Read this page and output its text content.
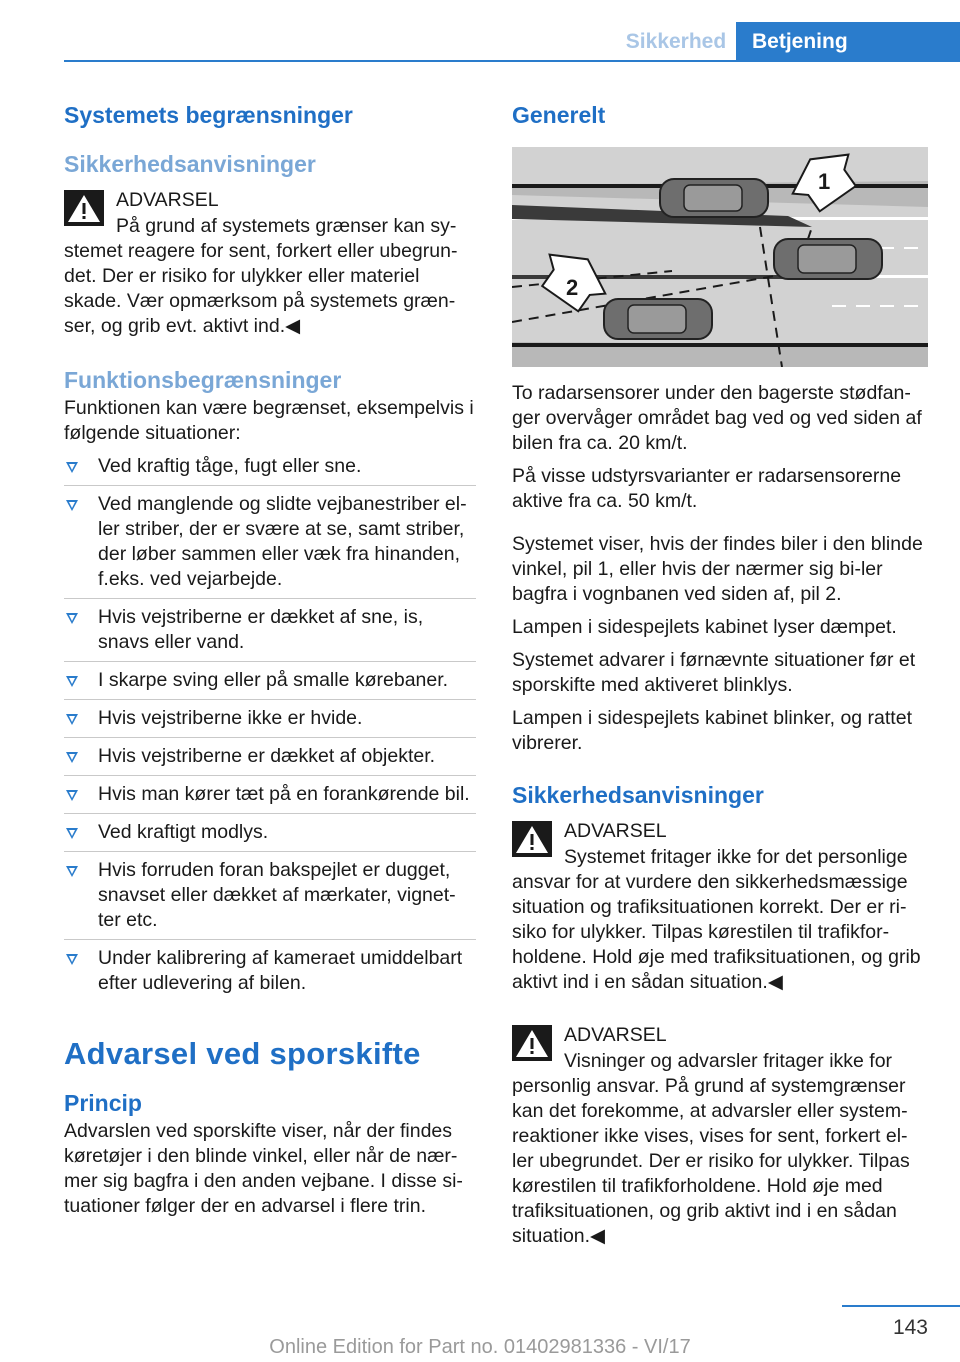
Sikkerhed	Betjening
Systemets begrænsninger
Sikkerhedsanvisninger
ADVARSEL
På grund af systemets grænser kan sy-
stemet reagere for sent, forkert eller ubegrun-det. Der er risiko for ulykker eller materiel skade. Vær opmærksom på systemets græn-ser, og grib evt. aktivt ind.◀
Funktionsbegrænsninger

Funktionen kan være begrænset, eksempelvis i følgende situationer:

Ved kraftig tåge, fugt eller sne.
Ved manglende og slidte vejbanestriber el-ler striber, der er svære at se, samt striber, der løber sammen eller væk fra hinanden, f.eks. ved vejarbejde.
Hvis vejstriberne er dækket af sne, is, snavs eller vand.
I skarpe sving eller på smalle kørebaner.
Hvis vejstriberne ikke er hvide.
Hvis vejstriberne er dækket af objekter.
Hvis man kører tæt på en forankørende bil.
Ved kraftigt modlys.
Hvis forruden foran bakspejlet er dugget, snavset eller dækket af mærkater, vignet-ter etc.
Under kalibrering af kameraet umiddelbart efter udlevering af bilen.
Advarsel ved sporskifte
Princip

Advarslen ved sporskifte viser, når der findes køretøjer i den blinde vinkel, eller når de nær-mer sig bagfra i den anden vejbane. I disse si-tuationer følger der en advarsel i flere trin.

Generelt
1
2

To radarsensorer under den bagerste stødfan-ger overvåger området bag ved og ved siden af bilen fra ca. 20 km/t.

På visse udstyrsvarianter er radarsensorerne aktive fra ca. 50 km/t.

Systemet viser, hvis der findes biler i den blinde vinkel, pil 1, eller hvis der nærmer sig bi-ler bagfra i vognbanen ved siden af, pil 2.

Lampen i sidespejlets kabinet lyser dæmpet.

Systemet advarer i førnævnte situationer før et sporskifte med aktiveret blinklys.

Lampen i sidespejlets kabinet blinker, og rattet vibrerer.

Sikkerhedsanvisninger
ADVARSEL
Systemet fritager ikke for det personlige
ansvar for at vurdere den sikkerhedsmæssige situation og trafiksituationen korrekt. Der er ri-siko for ulykker. Tilpas kørestilen til trafikfor-holdene. Hold øje med trafiksituationen, og grib aktivt ind i en sådan situation.◀
ADVARSEL
Visninger og advarsler fritager ikke for
personlig ansvar. På grund af systemgrænser kan det forekomme, at advarsler eller system-reaktioner ikke vises, vises for sent, forkert el-ler ubegrundet. Der er risiko for ulykker. Tilpas kørestilen til trafikforholdene. Hold øje med trafiksituationen, og grib aktivt ind i en sådan situation.◀
143
Online Edition for Part no. 01402981336 - VI/17
